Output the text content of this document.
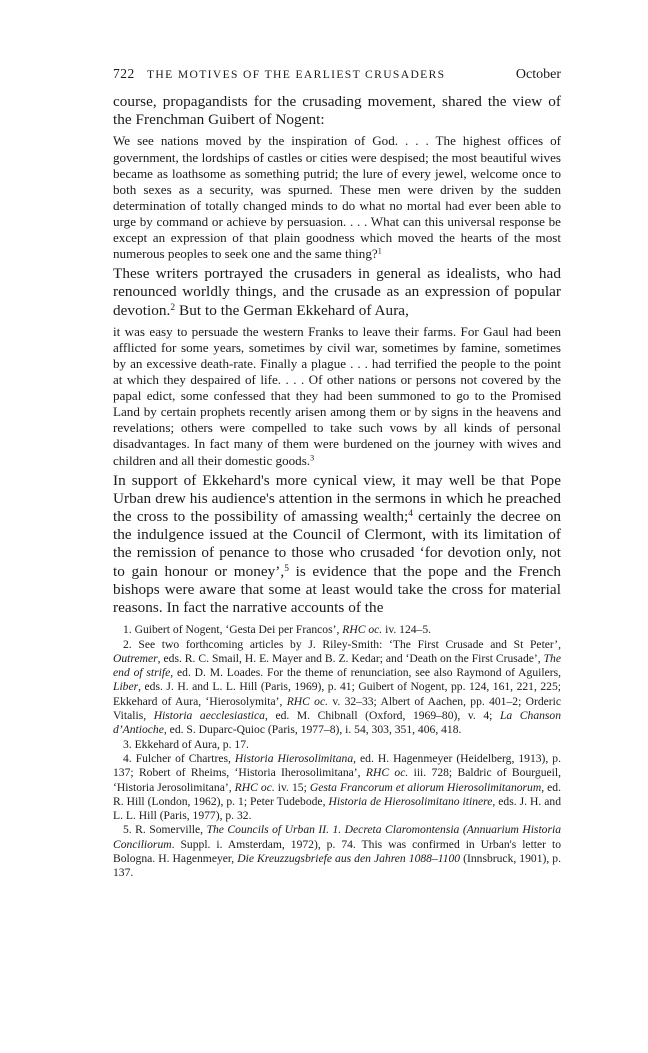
722	THE MOTIVES OF THE EARLIEST CRUSADERS	October

course, propagandists for the crusading movement, shared the view of the Frenchman Guibert of Nogent:

We see nations moved by the inspiration of God. . . . The highest offices of government, the lordships of castles or cities were despised; the most beautiful wives became as loathsome as something putrid; the lure of every jewel, welcome once to both sexes as a security, was spurned. These men were driven by the sudden determination of totally changed minds to do what no mortal had ever been able to urge by command or achieve by persuasion. . . . What can this universal response be except an expression of that plain goodness which moved the hearts of the most numerous peoples to seek one and the same thing?$^1$

These writers portrayed the crusaders in general as idealists, who had renounced worldly things, and the crusade as an expression of popular devotion.$^2$ But to the German Ekkehard of Aura,

it was easy to persuade the western Franks to leave their farms. For Gaul had been afflicted for some years, sometimes by civil war, sometimes by famine, sometimes by an excessive death-rate. Finally a plague . . . had terrified the people to the point at which they despaired of life. . . . Of other nations or persons not covered by the papal edict, some confessed that they had been summoned to go to the Promised Land by certain prophets recently arisen among them or by signs in the heavens and revelations; others were compelled to take such vows by all kinds of personal disadvantages. In fact many of them were burdened on the journey with wives and children and all their domestic goods.$^3$

In support of Ekkehard's more cynical view, it may well be that Pope Urban drew his audience's attention in the sermons in which he preached the cross to the possibility of amassing wealth;$^4$ certainly the decree on the indulgence issued at the Council of Clermont, with its limitation of the remission of penance to those who crusaded ‘for devotion only, not to gain honour or money’,$^5$ is evidence that the pope and the French bishops were aware that some at least would take the cross for material reasons. In fact the narrative accounts of the

1. Guibert of Nogent, ‘Gesta Dei per Francos’, RHC oc. iv. 124–5.

2. See two forthcoming articles by J. Riley-Smith: ‘The First Crusade and St Peter’, Outremer, eds. R. C. Smail, H. E. Mayer and B. Z. Kedar; and ‘Death on the First Crusade’, The end of strife, ed. D. M. Loades. For the theme of renunciation, see also Raymond of Aguilers, Liber, eds. J. H. and L. L. Hill (Paris, 1969), p. 41; Guibert of Nogent, pp. 124, 161, 221, 225; Ekkehard of Aura, ‘Hierosolymita’, RHC oc. v. 32–33; Albert of Aachen, pp. 401–2; Orderic Vitalis, Historia aecclesiastica, ed. M. Chibnall (Oxford, 1969–80), v. 4; La Chanson d’Antioche, ed. S. Duparc-Quioc (Paris, 1977–8), i. 54, 303, 351, 406, 418.

3. Ekkehard of Aura, p. 17.

4. Fulcher of Chartres, Historia Hierosolimitana, ed. H. Hagenmeyer (Heidelberg, 1913), p. 137; Robert of Rheims, ‘Historia Iherosolimitana’, RHC oc. iii. 728; Baldric of Bourgueil, ‘Historia Jerosolimitana’, RHC oc. iv. 15; Gesta Francorum et aliorum Hierosolimitanorum, ed. R. Hill (London, 1962), p. 1; Peter Tudebode, Historia de Hierosolimitano itinere, eds. J. H. and L. L. Hill (Paris, 1977), p. 32.

5. R. Somerville, The Councils of Urban II. 1. Decreta Claromontensia (Annuarium Historia Conciliorum. Suppl. i. Amsterdam, 1972), p. 74. This was confirmed in Urban's letter to Bologna. H. Hagenmeyer, Die Kreuzzugsbriefe aus den Jahren 1088–1100 (Innsbruck, 1901), p. 137.
